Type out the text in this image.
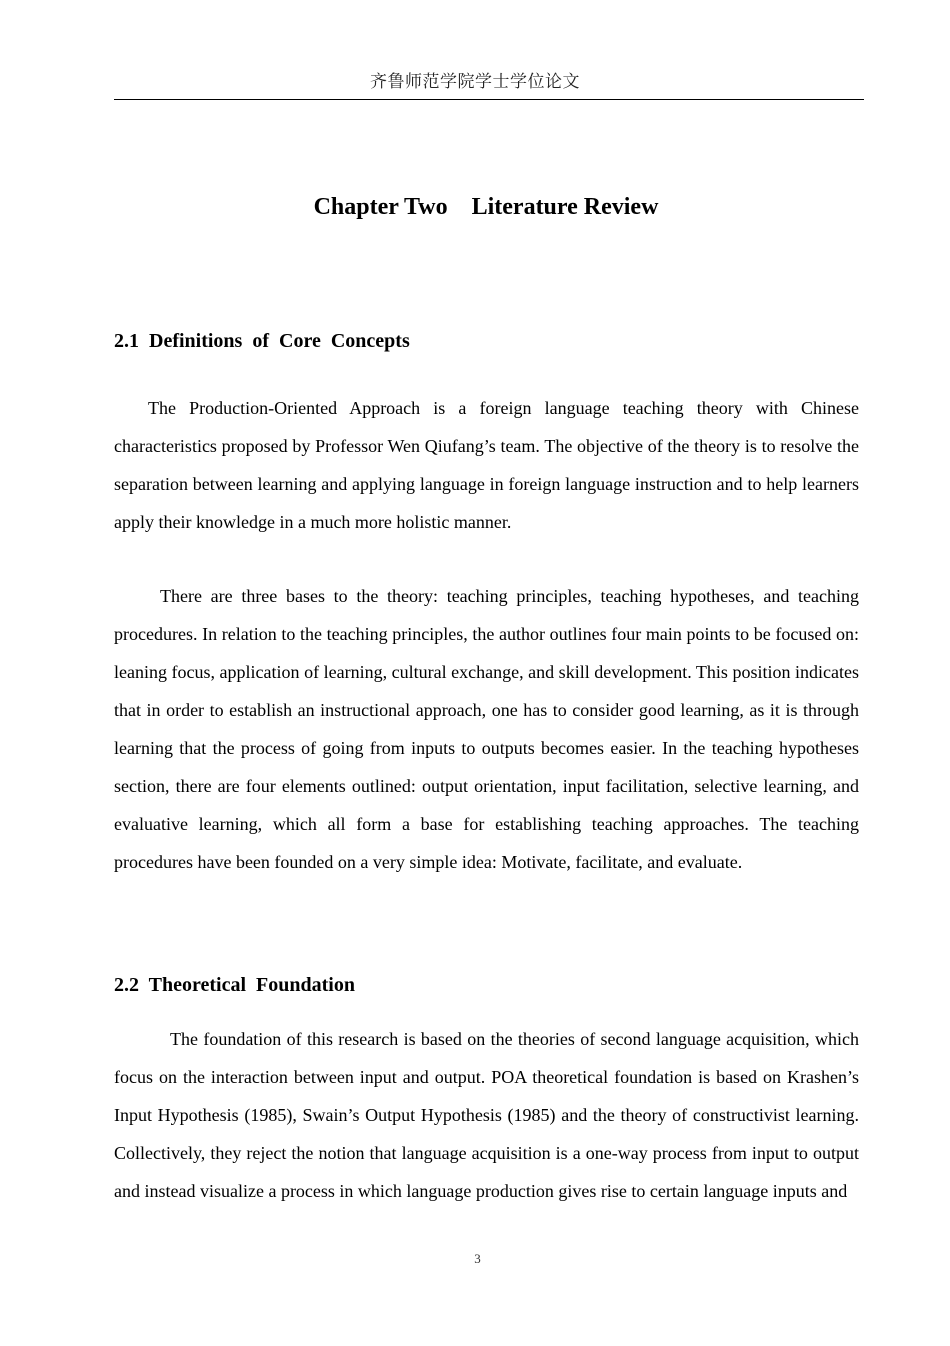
齐鲁师范学院学士学位论文
Chapter Two    Literature Review
2.1  Definitions  of  Core  Concepts

The Production-Oriented Approach is a foreign language teaching theory with Chinese characteristics proposed by Professor Wen Qiufang’s team. The objective of the theory is to resolve the separation between learning and applying language in foreign language instruction and to help learners apply their knowledge in a much more holistic manner.

There are three bases to the theory: teaching principles, teaching hypotheses, and teaching procedures. In relation to the teaching principles, the author outlines four main points to be focused on: leaning focus, application of learning, cultural exchange, and skill development. This position indicates that in order to establish an instructional approach, one has to consider good learning, as it is through learning that the process of going from inputs to outputs becomes easier. In the teaching hypotheses section, there are four elements outlined: output orientation, input facilitation, selective learning, and evaluative learning, which all form a base for establishing teaching approaches. The teaching procedures have been founded on a very simple idea: Motivate, facilitate, and evaluate.

2.2  Theoretical  Foundation

The foundation of this research is based on the theories of second language acquisition, which focus on the interaction between input and output. POA theoretical foundation is based on Krashen’s Input Hypothesis (1985), Swain’s Output Hypothesis (1985) and the theory of constructivist learning. Collectively, they reject the notion that language acquisition is a one-way process from input to output and instead visualize a process in which language production gives rise to certain language inputs and

3
